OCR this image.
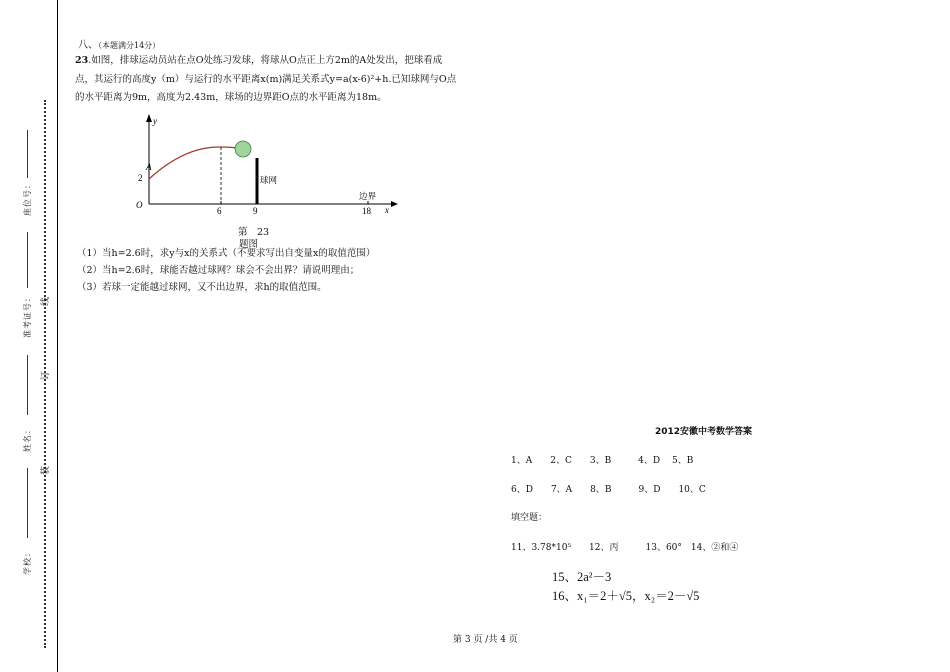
座位号：
准考证号：
姓名：
学校：
线
订
装
八、（本题满分14分）
23.如图，排球运动员站在点O处练习发球，将球从O点正上方2m的A处发出，把球看成
点，其运行的高度y（m）与运行的水平距离x(m)满足关系式y=a(x-6)²+h.已知球网与O点
的水平距离为9m，高度为2.43m，球场的边界距O点的水平距离为18m。
y
x
O
A
2
6	9	18
球网
边界
第　23
题图
（1）当h=2.6时，求y与x的关系式（不要求写出自变量x的取值范围）
（2）当h=2.6时，球能否越过球网？球会不会出界？请说明理由；
（3）若球一定能越过球网，又不出边界，求h的取值范围。
2012安徽中考数学答案
1、A　　2、C　　3、B　　　4、D　 5、B
6、D　　7、A　　8、B　　　9、D　　10、C
填空题：
11、3.78*10⁵　　12、丙　　　13、60°　14、②和④
15、2a²－3
16、x₁＝2＋√5，x₂＝2－√5
第 3 页 /共 4 页
